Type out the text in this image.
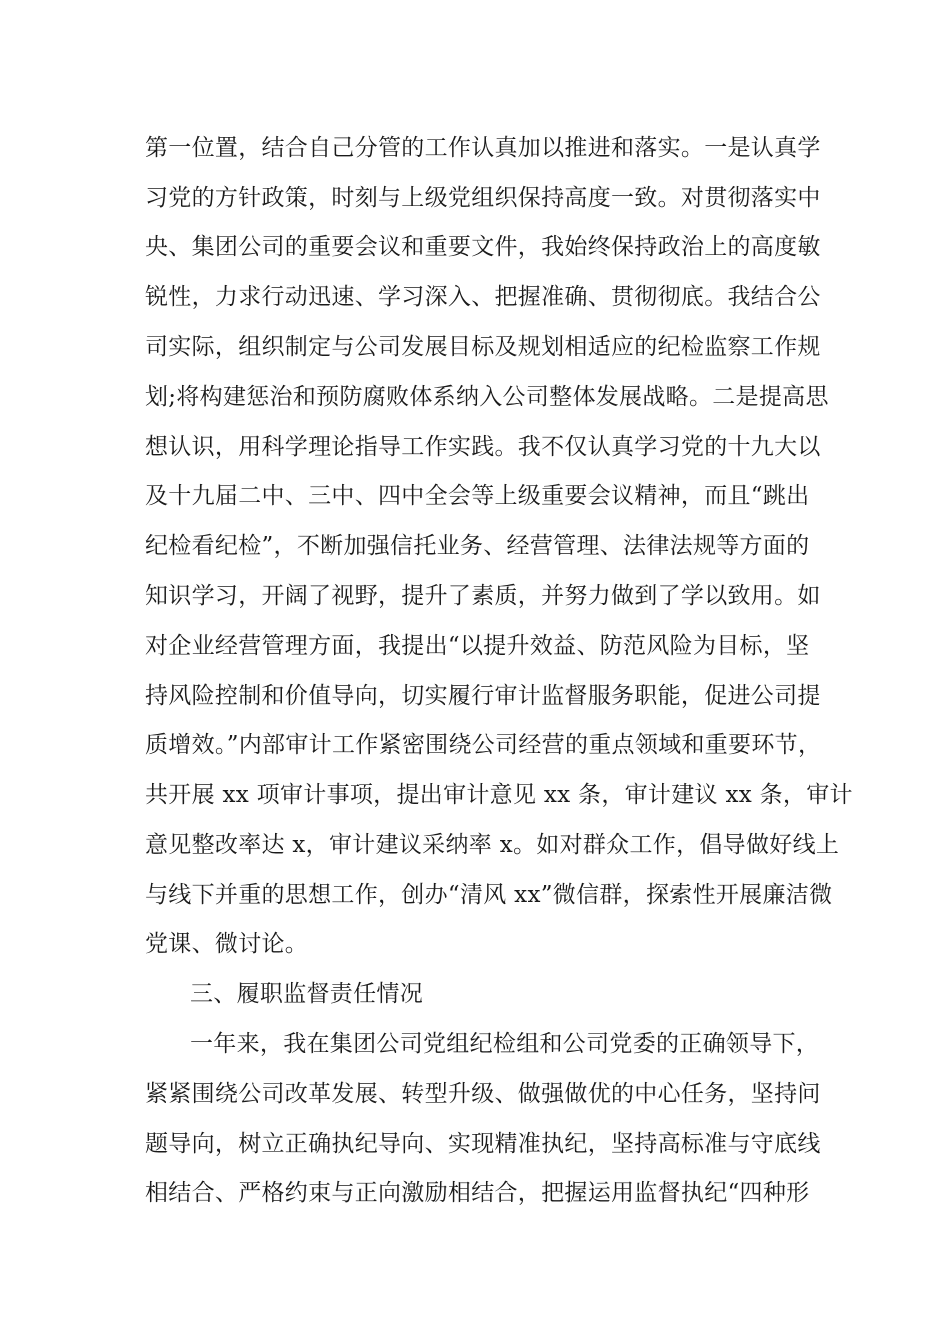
第一位置，结合自己分管的工作认真加以推进和落实。一是认真学
习党的方针政策，时刻与上级党组织保持高度一致。对贯彻落实中
央、集团公司的重要会议和重要文件，我始终保持政治上的高度敏
锐性，力求行动迅速、学习深入、把握准确、贯彻彻底。我结合公
司实际，组织制定与公司发展目标及规划相适应的纪检监察工作规
划;将构建惩治和预防腐败体系纳入公司整体发展战略。二是提高思
想认识，用科学理论指导工作实践。我不仅认真学习党的十九大以
及十九届二中、三中、四中全会等上级重要会议精神，而且“跳出
纪检看纪检”，不断加强信托业务、经营管理、法律法规等方面的
知识学习，开阔了视野，提升了素质，并努力做到了学以致用。如
对企业经营管理方面，我提出“以提升效益、防范风险为目标，坚
持风险控制和价值导向，切实履行审计监督服务职能，促进公司提
质增效。”内部审计工作紧密围绕公司经营的重点领域和重要环节，
共开展 xx 项审计事项，提出审计意见 xx 条，审计建议 xx 条，审计
意见整改率达 x，审计建议采纳率 x。如对群众工作，倡导做好线上
与线下并重的思想工作，创办“清风 xx”微信群，探索性开展廉洁微
党课、微讨论。
三、履职监督责任情况
一年来，我在集团公司党组纪检组和公司党委的正确领导下，
紧紧围绕公司改革发展、转型升级、做强做优的中心任务，坚持问
题导向，树立正确执纪导向、实现精准执纪，坚持高标准与守底线
相结合、严格约束与正向激励相结合，把握运用监督执纪“四种形
